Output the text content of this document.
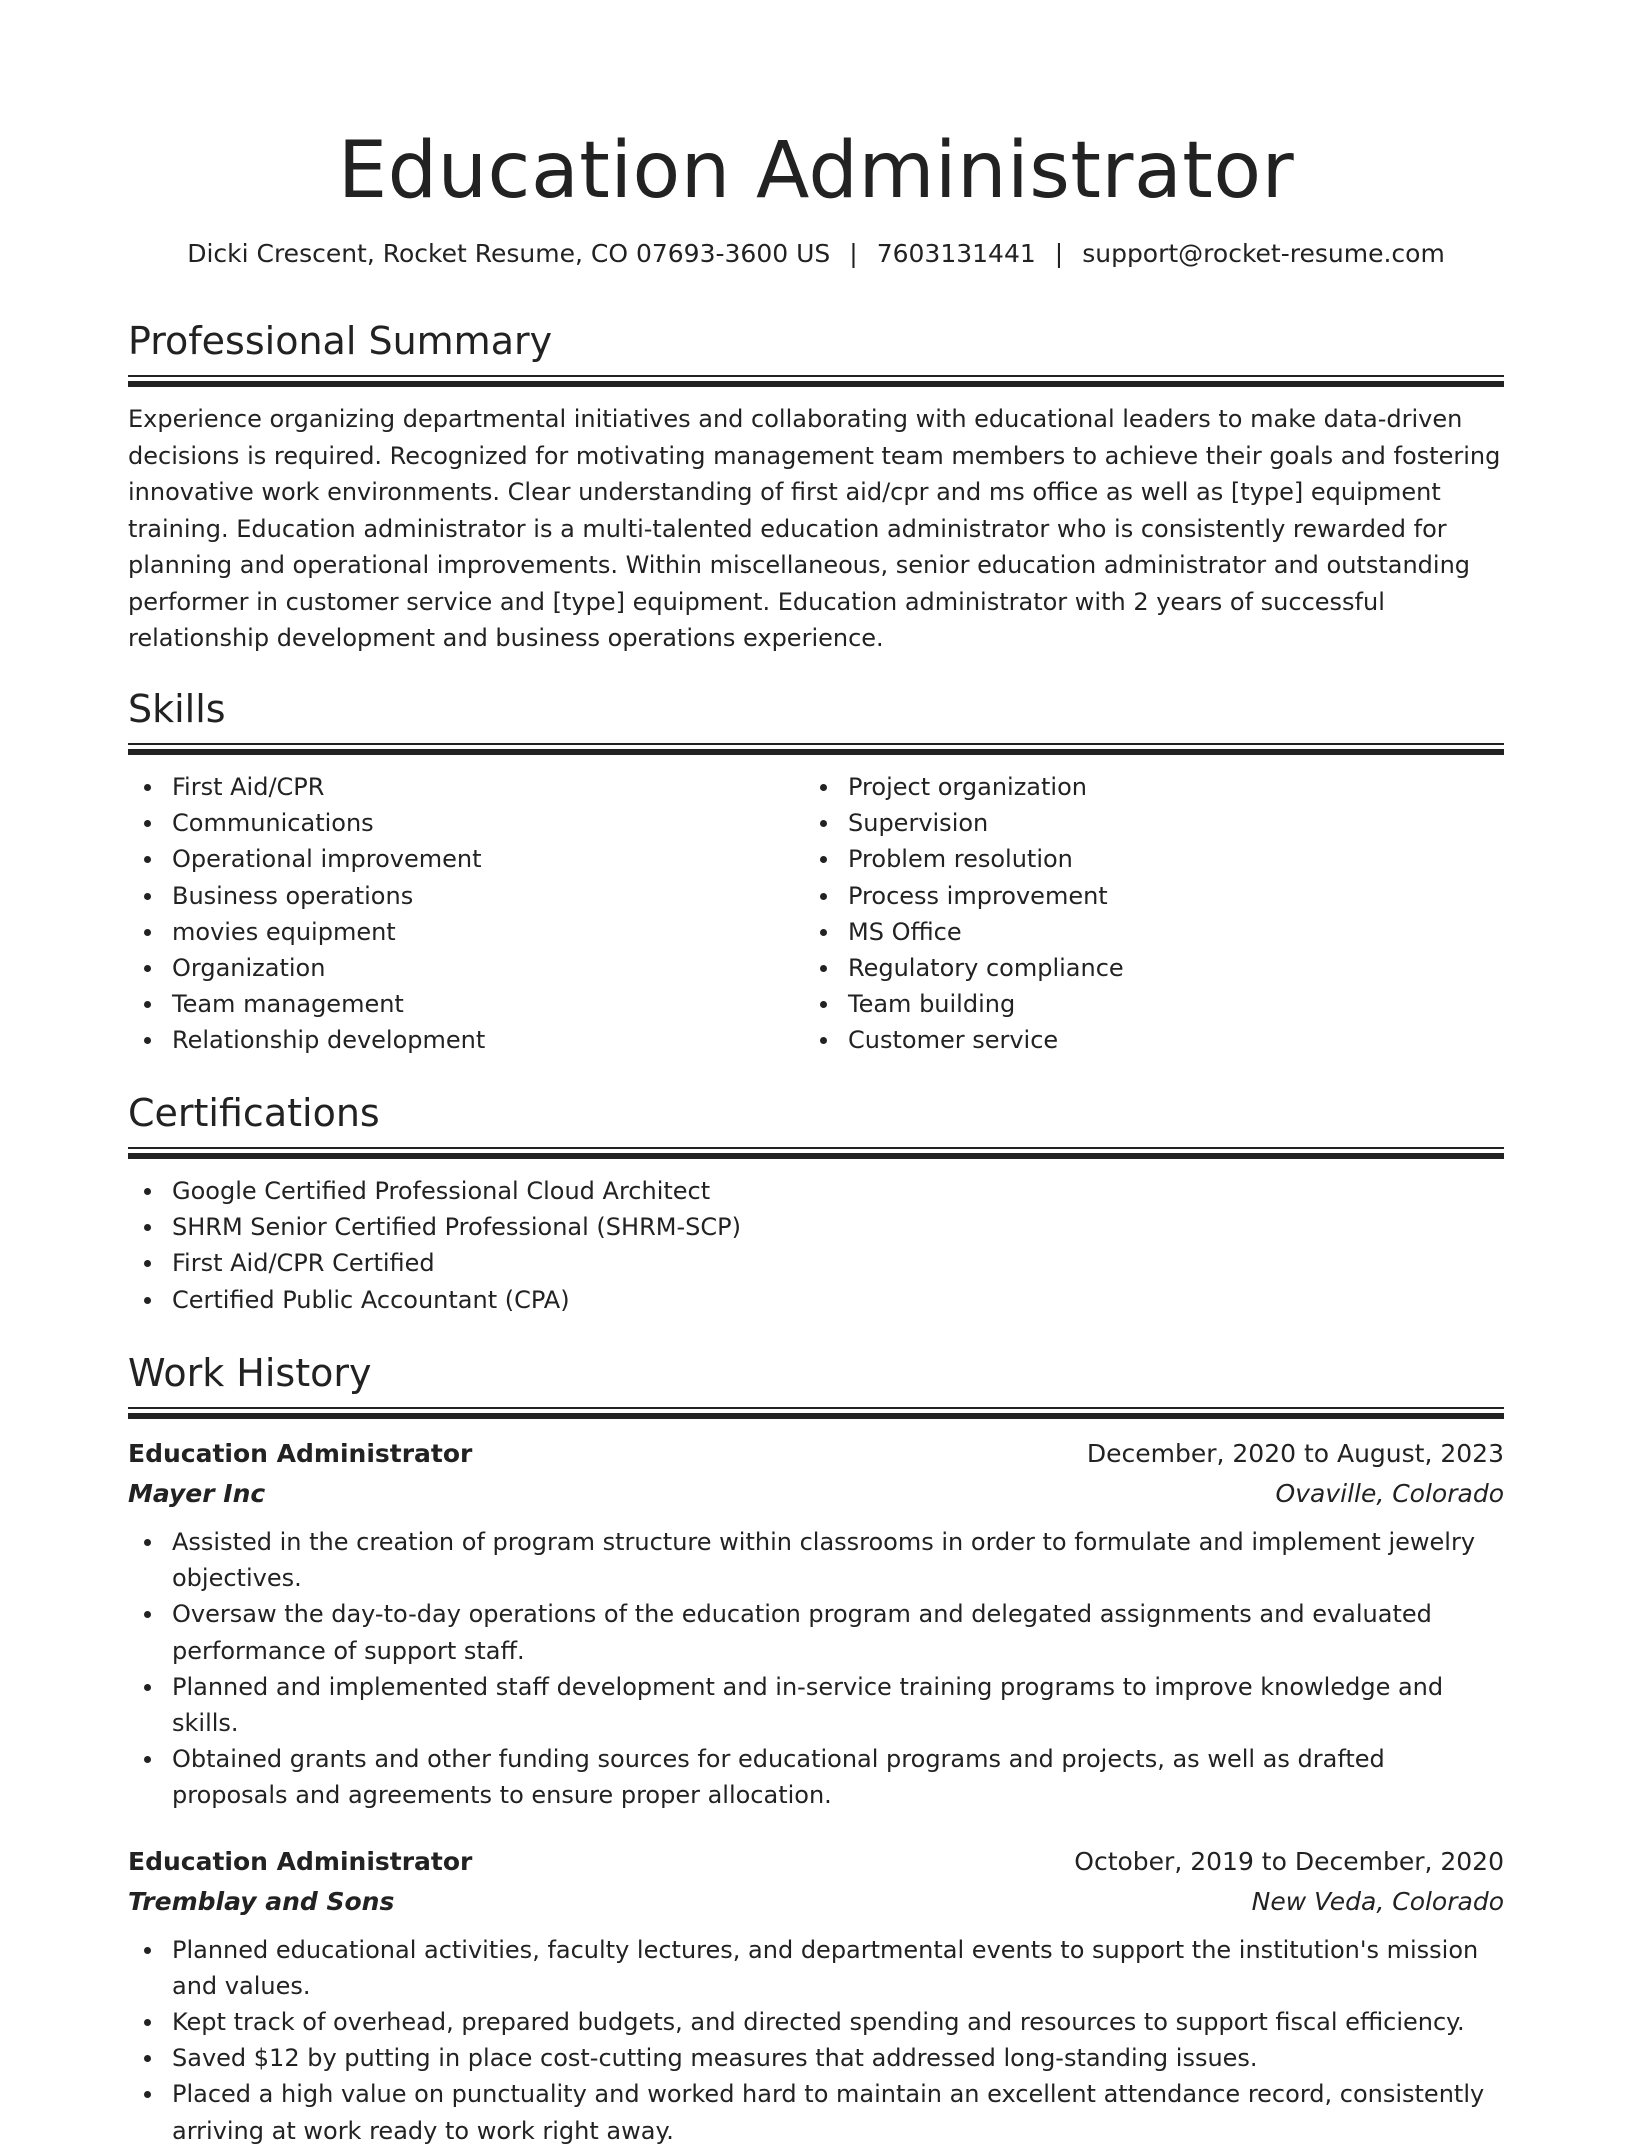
Education Administrator
Dicki Crescent, Rocket Resume, CO 07693-3600 US | 7603131441 | support@rocket-resume.com
Professional Summary

Experience organizing departmental initiatives and collaborating with educational leaders to make data-driven decisions is required. Recognized for motivating management team members to achieve their goals and fostering innovative work environments. Clear understanding of first aid/cpr and ms office as well as [type] equipment training. Education administrator is a multi-talented education administrator who is consistently rewarded for planning and operational improvements. Within miscellaneous, senior education administrator and outstanding performer in customer service and [type] equipment. Education administrator with 2 years of successful relationship development and business operations experience.

Skills
First Aid/CPR
Communications
Operational improvement
Business operations
movies equipment
Organization
Team management
Relationship development
Project organization
Supervision
Problem resolution
Process improvement
MS Office
Regulatory compliance
Team building
Customer service
Certifications
Google Certified Professional Cloud Architect
SHRM Senior Certified Professional (SHRM-SCP)
First Aid/CPR Certified
Certified Public Accountant (CPA)
Work History
Education Administrator	December, 2020 to August, 2023
Mayer Inc	Ovaville, Colorado
Assisted in the creation of program structure within classrooms in order to formulate and implement jewelry objectives.
Oversaw the day-to-day operations of the education program and delegated assignments and evaluated performance of support staff.
Planned and implemented staff development and in-service training programs to improve knowledge and skills.
Obtained grants and other funding sources for educational programs and projects, as well as drafted proposals and agreements to ensure proper allocation.
Education Administrator	October, 2019 to December, 2020
Tremblay and Sons	New Veda, Colorado
Planned educational activities, faculty lectures, and departmental events to support the institution's mission and values.
Kept track of overhead, prepared budgets, and directed spending and resources to support fiscal efficiency.
Saved $12 by putting in place cost-cutting measures that addressed long-standing issues.
Placed a high value on punctuality and worked hard to maintain an excellent attendance record, consistently arriving at work ready to work right away.
